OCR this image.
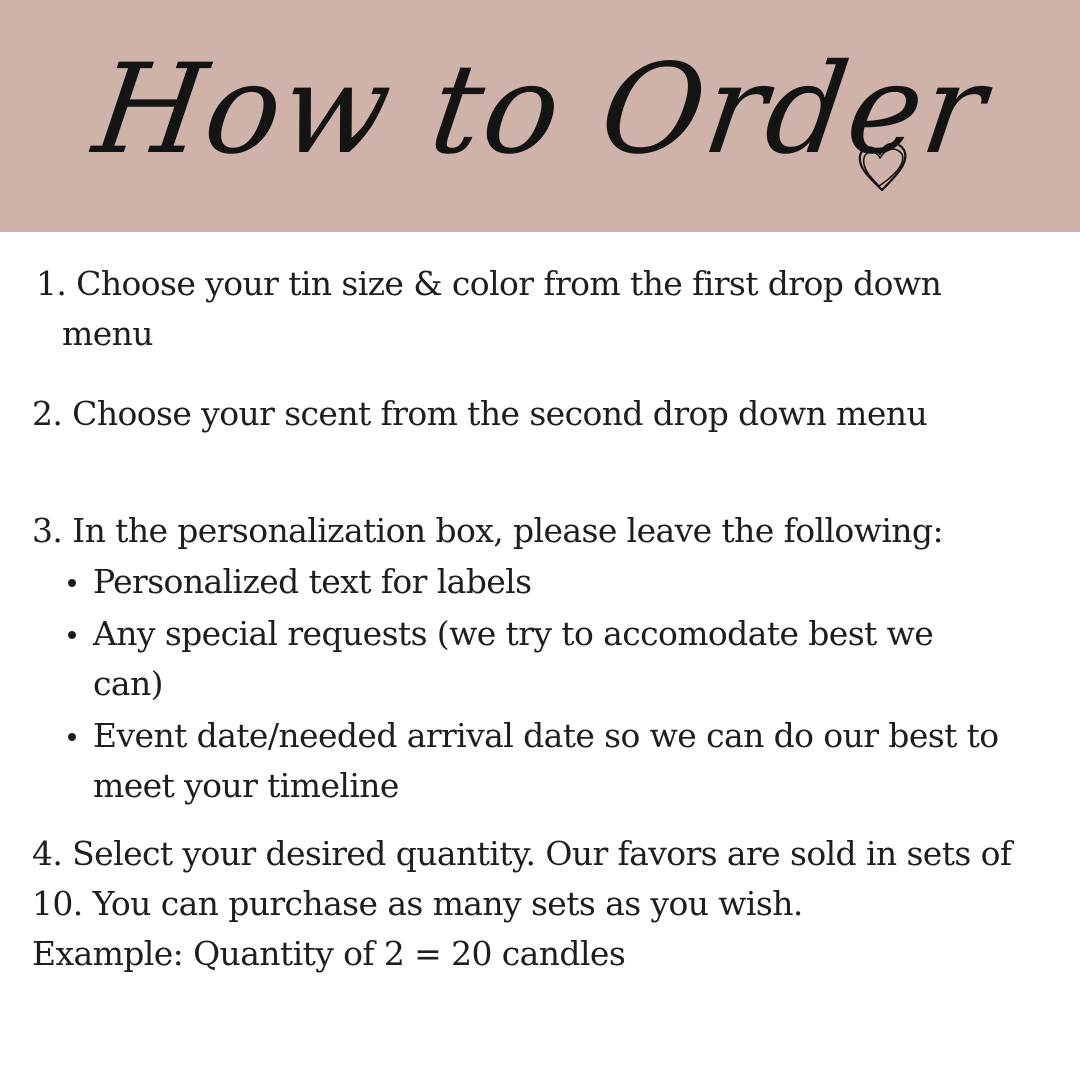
How to Order

1. Choose your tin size & color from the first drop down

menu

2. Choose your scent from the second drop down menu

3. In the personalization box, please leave the following:

Personalized text for labels

Any special requests (we try to accomodate best we

can)

Event date/needed arrival date so we can do our best to

meet your timeline

4. Select your desired quantity. Our favors are sold in sets of

10. You can purchase as many sets as you wish.

Example: Quantity of 2 = 20 candles
